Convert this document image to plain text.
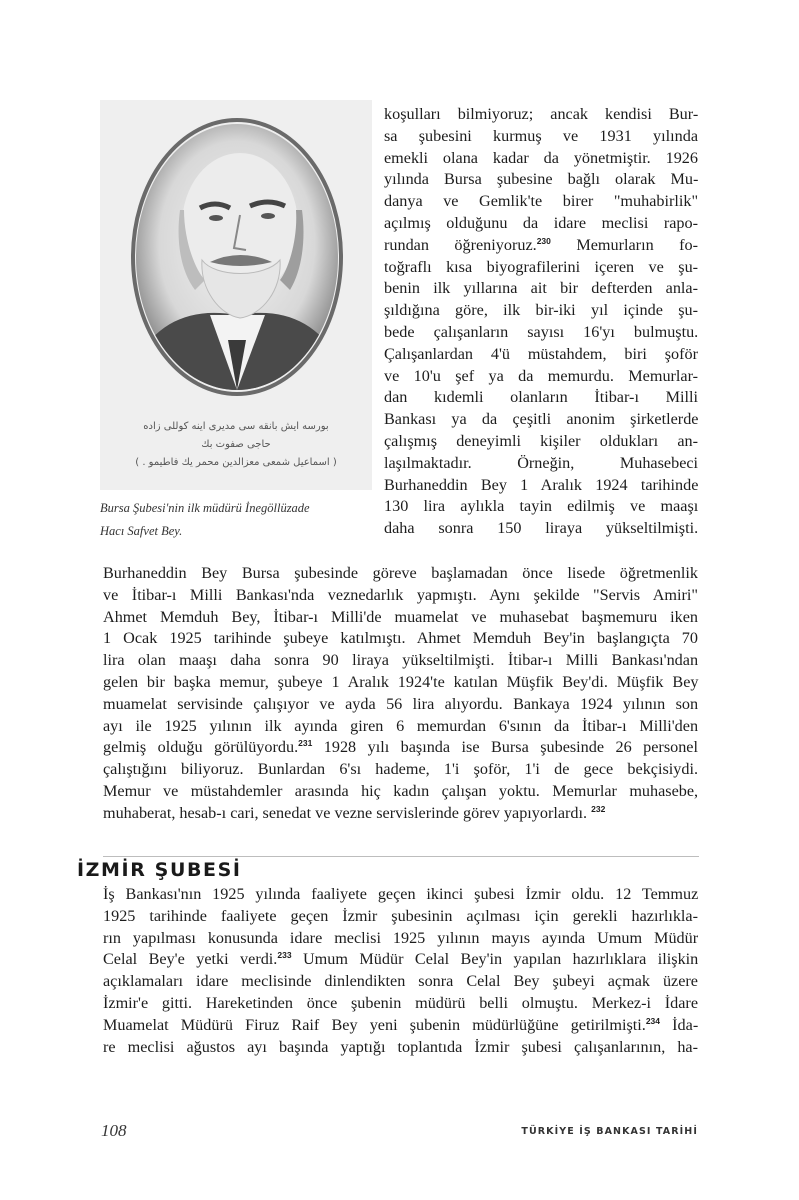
بورسه ایش بانقه سی مدیری اینه کوللی زاده
حاجی صفوت بك
( اسماعیل شمعی معزالدین محمر یك فاطیمو . )
Bursa Şubesi'nin ilk müdürü İnegöllüzade
Hacı Safvet Bey.
koşulları bilmiyoruz; ancak kendisi Bur-
sa şubesini kurmuş ve 1931 yılında
emekli olana kadar da yönetmiştir. 1926
yılında Bursa şubesine bağlı olarak Mu-
danya ve Gemlik'te birer "muhabirlik"
açılmış olduğunu da idare meclisi rapo-
rundan öğreniyoruz.$^{230}$ Memurların fo-
toğraflı kısa biyografilerini içeren ve şu-
benin ilk yıllarına ait bir defterden anla-
şıldığına göre, ilk bir-iki yıl içinde şu-
bede çalışanların sayısı 16'yı bulmuştu.
Çalışanlardan 4'ü müstahdem, biri şoför
ve 10'u şef ya da memurdu. Memurlar-
dan kıdemli olanların İtibar-ı Milli
Bankası ya da çeşitli anonim şirketlerde
çalışmış deneyimli kişiler oldukları an-
laşılmaktadır. Örneğin, Muhasebeci
Burhaneddin Bey 1 Aralık 1924 tarihinde
130 lira aylıkla tayin edilmiş ve maaşı
daha sonra 150 liraya yükseltilmişti.
Burhaneddin Bey Bursa şubesinde göreve başlamadan önce lisede öğretmenlik
ve İtibar-ı Milli Bankası'nda veznedarlık yapmıştı. Aynı şekilde "Servis Amiri"
Ahmet Memduh Bey, İtibar-ı Milli'de muamelat ve muhasebat başmemuru iken
1 Ocak 1925 tarihinde şubeye katılmıştı. Ahmet Memduh Bey'in başlangıçta 70
lira olan maaşı daha sonra 90 liraya yükseltilmişti. İtibar-ı Milli Bankası'ndan
gelen bir başka memur, şubeye 1 Aralık 1924'te katılan Müşfik Bey'di. Müşfik Bey
muamelat servisinde çalışıyor ve ayda 56 lira alıyordu. Bankaya 1924 yılının son
ayı ile 1925 yılının ilk ayında giren 6 memurdan 6'sının da İtibar-ı Milli'den
gelmiş olduğu görülüyordu.$^{231}$ 1928 yılı başında ise Bursa şubesinde 26 personel
çalıştığını biliyoruz. Bunlardan 6'sı hademe, 1'i şoför, 1'i de gece bekçisiydi.
Memur ve müstahdemler arasında hiç kadın çalışan yoktu. Memurlar muhasebe,
muhaberat, hesab-ı cari, senedat ve vezne servislerinde görev yapıyorlardı. $^{232}$
İZMİR ŞUBESİ
İş Bankası'nın 1925 yılında faaliyete geçen ikinci şubesi İzmir oldu. 12 Temmuz
1925 tarihinde faaliyete geçen İzmir şubesinin açılması için gerekli hazırlıkla-
rın yapılması konusunda idare meclisi 1925 yılının mayıs ayında Umum Müdür
Celal Bey'e yetki verdi.$^{233}$ Umum Müdür Celal Bey'in yapılan hazırlıklara ilişkin
açıklamaları idare meclisinde dinlendikten sonra Celal Bey şubeyi açmak üzere
İzmir'e gitti. Hareketinden önce şubenin müdürü belli olmuştu. Merkez-i İdare
Muamelat Müdürü Firuz Raif Bey yeni şubenin müdürlüğüne getirilmişti.$^{234}$ İda-
re meclisi ağustos ayı başında yaptığı toplantıda İzmir şubesi çalışanlarının, ha-
108	TÜRKİYE İŞ BANKASI TARİHİ
